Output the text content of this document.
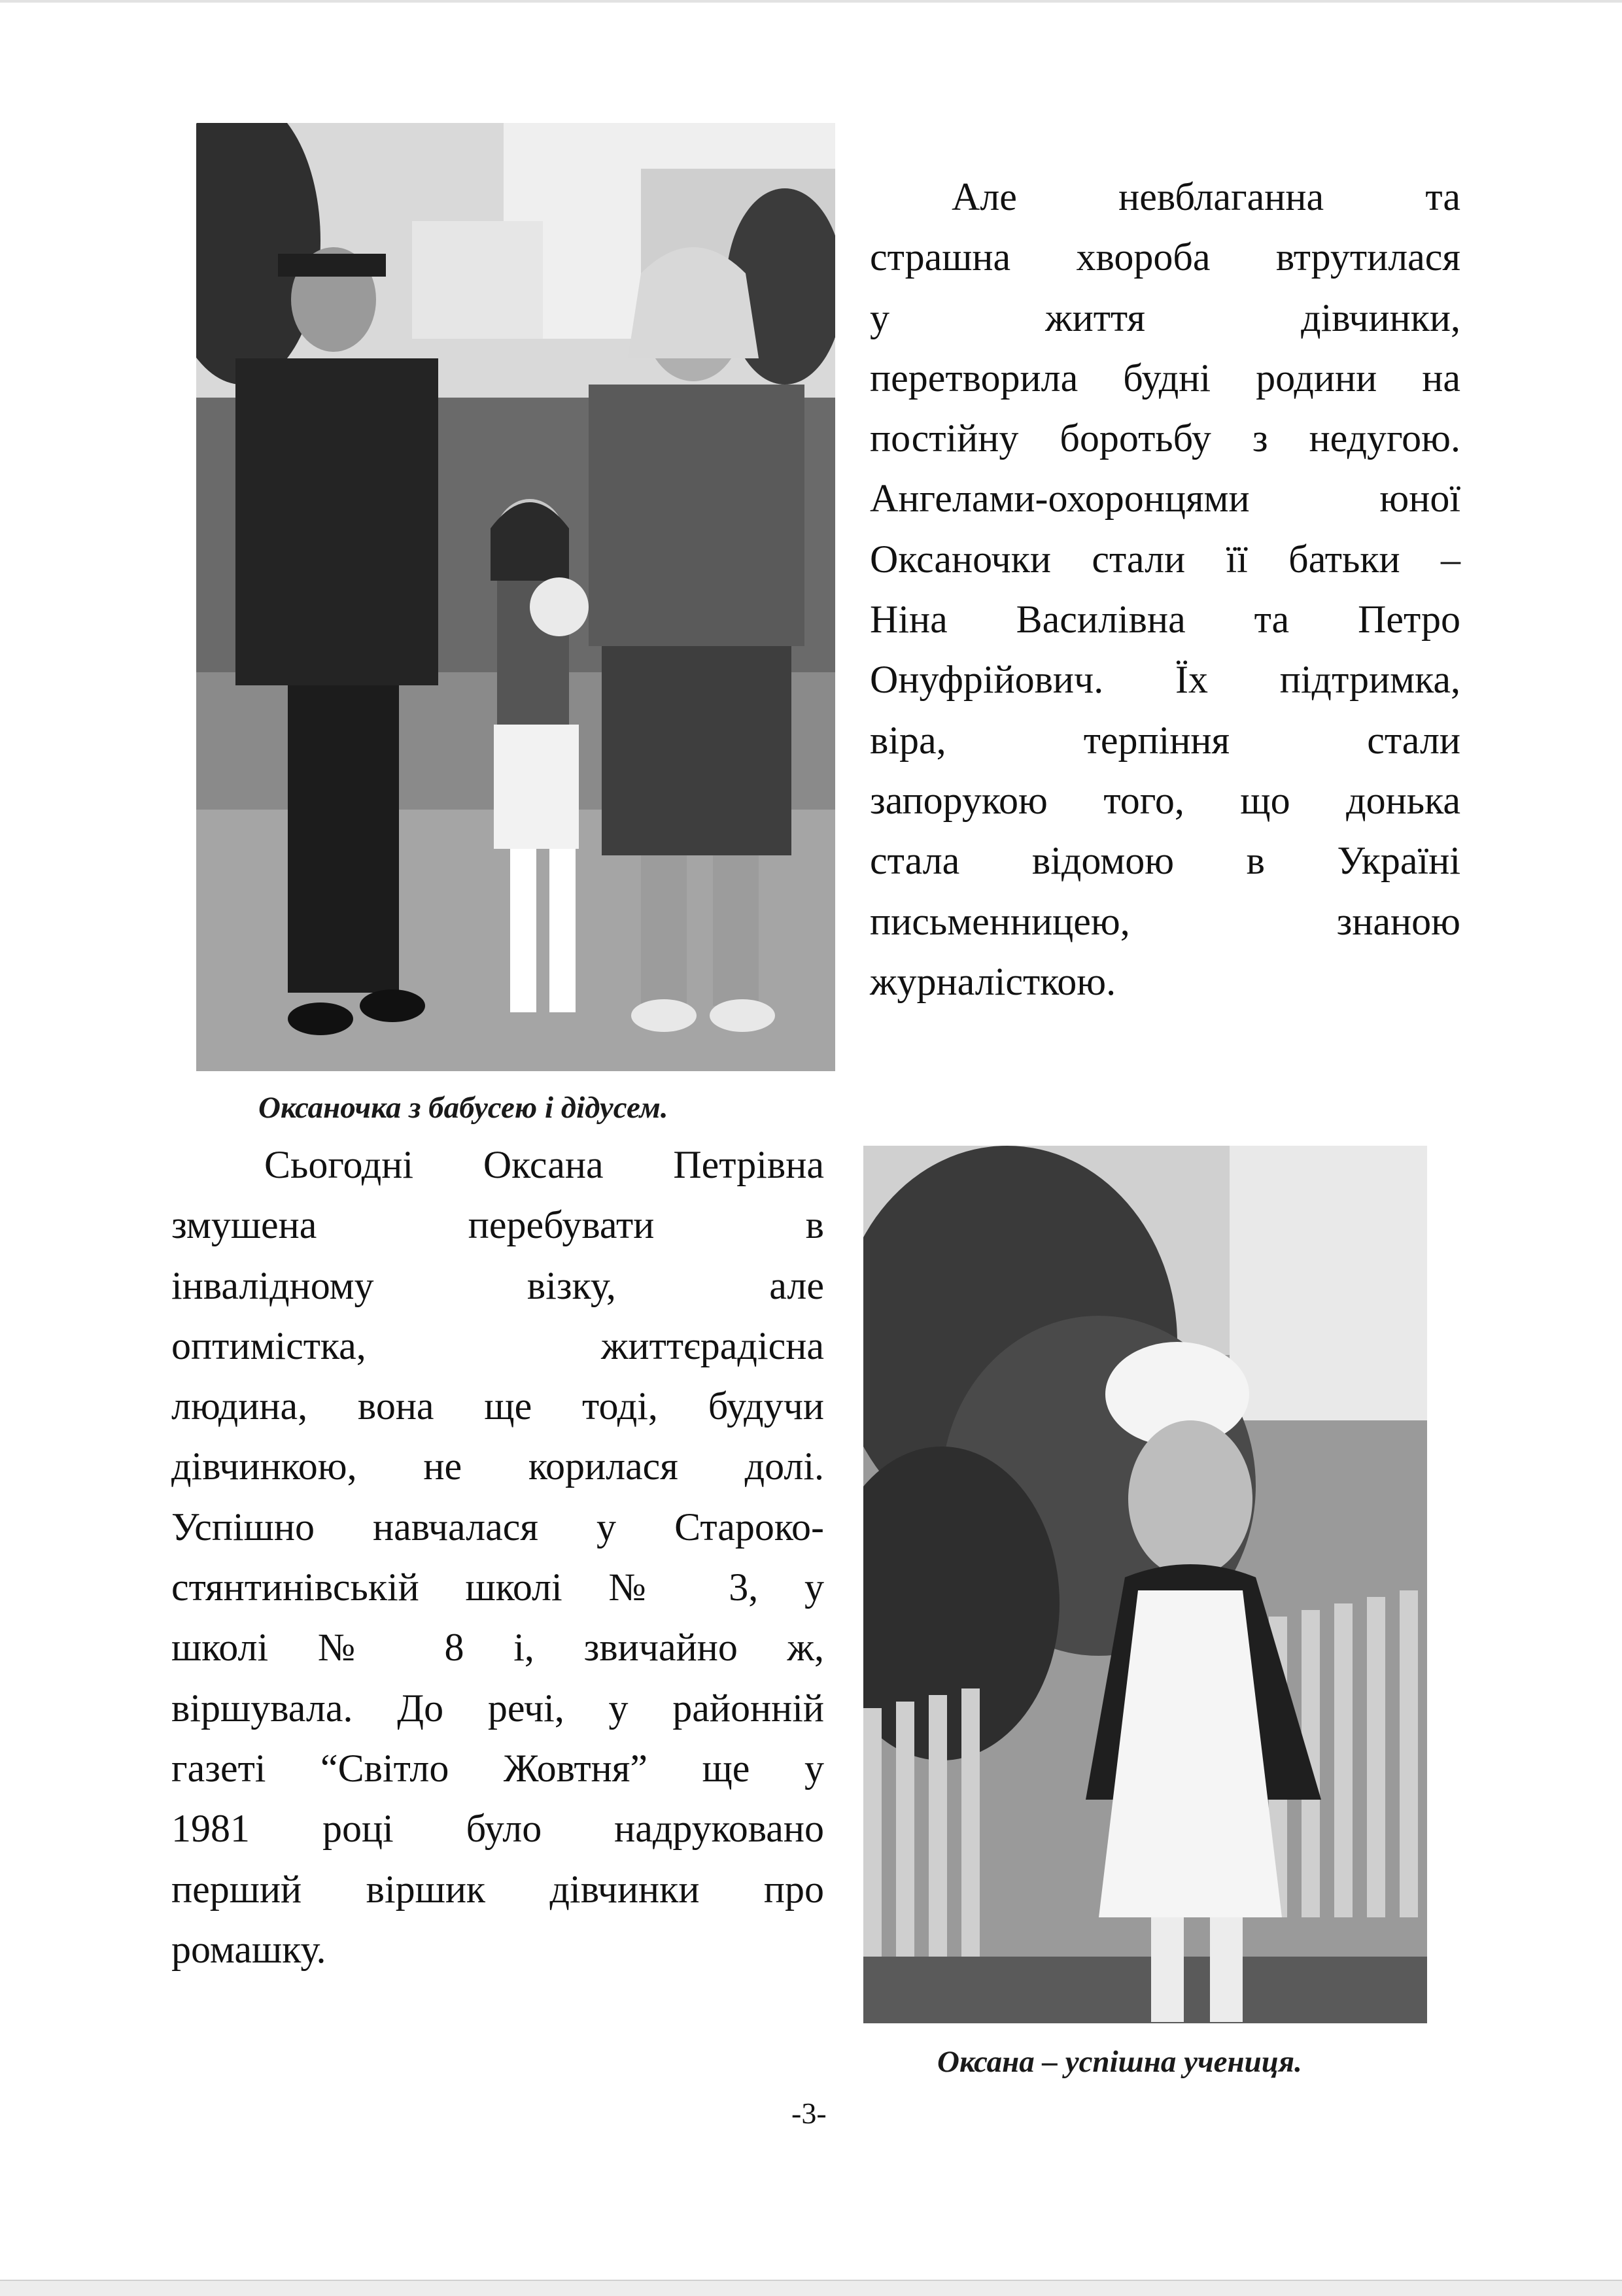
Оксаночка з бабусею і дідусем.
Але невблаганна та
страшна хвороба втрутилася
у життя дівчинки,
перетворила будні родини на
постійну боротьбу з недугою.
Ангелами-охоронцями юної
Оксаночки стали її батьки –
Ніна Василівна та Петро
Онуфрійович. Їх підтримка,
віра, терпіння стали
запорукою того, що донька
стала відомою в Україні
письменницею, знаною
журналісткою.
Сьогодні Оксана Петрівна
змушена перебувати в
інвалідному візку, але
оптимістка, життєрадісна
людина, вона ще тоді, будучи
дівчинкою, не корилася долі.
Успішно навчалася у Староко-
стянтинівській школі № 3, у
школі № 8 і, звичайно ж,
віршувала. До речі, у районній
газеті “Світло Жовтня” ще у
1981 році було надруковано
перший віршик дівчинки про
ромашку.
Оксана – успішна учениця.
-3-
